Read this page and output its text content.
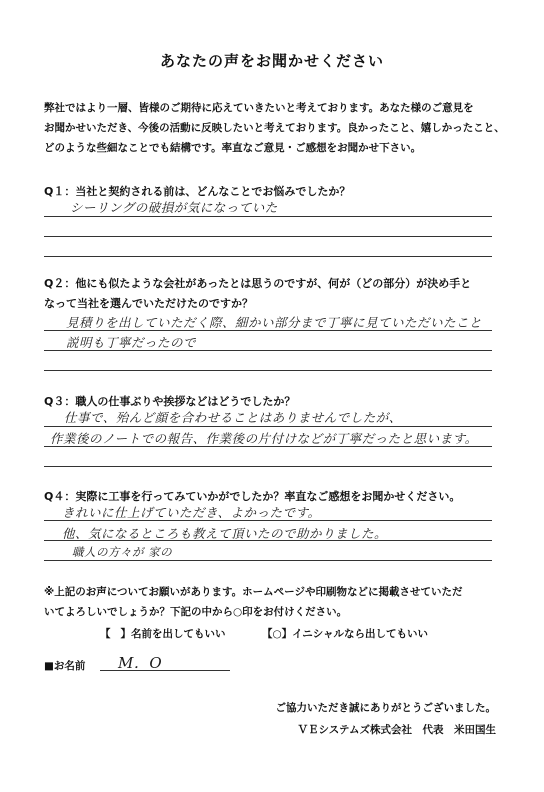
あなたの声をお聞かせください
弊社ではより一層、皆様のご期待に応えていきたいと考えております。あなた様のご意見を
お聞かせいただき、今後の活動に反映したいと考えております。良かったこと、嬉しかったこと、
どのような些細なことでも結構です。率直なご意見・ご感想をお聞かせ下さい。
Q１：当社と契約される前は、どんなことでお悩みでしたか？
シーリングの破損が気になっていた
Q２：他にも似たような会社があったとは思うのですが、何が（どの部分）が決め手と
なって当社を選んでいただけたのですか？
見積りを出していただく際、細かい部分まで丁寧に見ていただいたこと
説明も丁寧だったので
Q３：職人の仕事ぶりや挨拶などはどうでしたか？
仕事で、殆んど顔を合わせることはありませんでしたが、
作業後のノートでの報告、作業後の片付けなどが丁寧だったと思います。
Q４：実際に工事を行ってみていかがでしたか？率直なご感想をお聞かせください。
きれいに仕上げていただき、よかったです。
他、気になるところも教えて頂いたので助かりました。
職人の方々が 家の
※上記のお声についてお願いがあります。ホームページや印刷物などに掲載させていただ
いてよろしいでしょうか？下記の中から○印をお付けください。
【 】名前を出してもいい	【○】イニシャルなら出してもいい
■お名前 M．O
ご協力いただき誠にありがとうございました。
ＶＥシステムズ株式会社　代表　米田国生
